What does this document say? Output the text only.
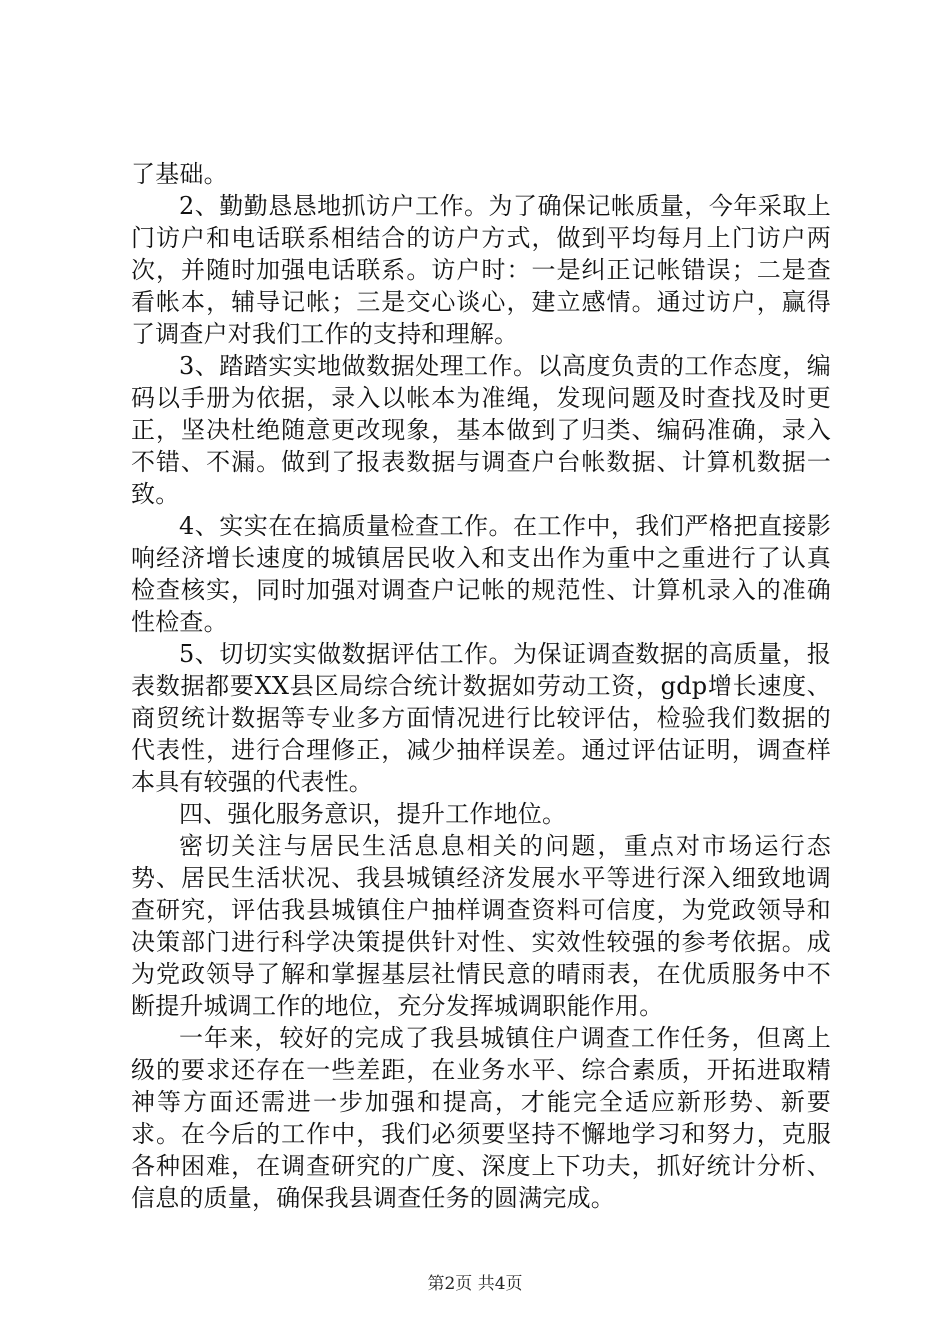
了基础。

2、勤勤恳恳地抓访户工作。为了确保记帐质量，今年采取上门访户和电话联系相结合的访户方式，做到平均每月上门访户两次，并随时加强电话联系。访户时：一是纠正记帐错误；二是查看帐本，辅导记帐；三是交心谈心，建立感情。通过访户，赢得了调查户对我们工作的支持和理解。

3、踏踏实实地做数据处理工作。以高度负责的工作态度，编码以手册为依据，录入以帐本为准绳，发现问题及时查找及时更正，坚决杜绝随意更改现象，基本做到了归类、编码准确，录入不错、不漏。做到了报表数据与调查户台帐数据、计算机数据一致。

4、实实在在搞质量检查工作。在工作中，我们严格把直接影响经济增长速度的城镇居民收入和支出作为重中之重进行了认真检查核实，同时加强对调查户记帐的规范性、计算机录入的准确性检查。

5、切切实实做数据评估工作。为保证调查数据的高质量，报表数据都要XX县区局综合统计数据如劳动工资，gdp增长速度、商贸统计数据等专业多方面情况进行比较评估，检验我们数据的代表性，进行合理修正，减少抽样误差。通过评估证明，调查样本具有较强的代表性。

四、强化服务意识，提升工作地位。

密切关注与居民生活息息相关的问题，重点对市场运行态势、居民生活状况、我县城镇经济发展水平等进行深入细致地调查研究，评估我县城镇住户抽样调查资料可信度，为党政领导和决策部门进行科学决策提供针对性、实效性较强的参考依据。成为党政领导了解和掌握基层社情民意的晴雨表，在优质服务中不断提升城调工作的地位，充分发挥城调职能作用。

一年来，较好的完成了我县城镇住户调查工作任务，但离上级的要求还存在一些差距，在业务水平、综合素质，开拓进取精神等方面还需进一步加强和提高，才能完全适应新形势、新要求。在今后的工作中，我们必须要坚持不懈地学习和努力，克服各种困难，在调查研究的广度、深度上下功夫，抓好统计分析、信息的质量，确保我县调查任务的圆满完成。

第2页 共4页
